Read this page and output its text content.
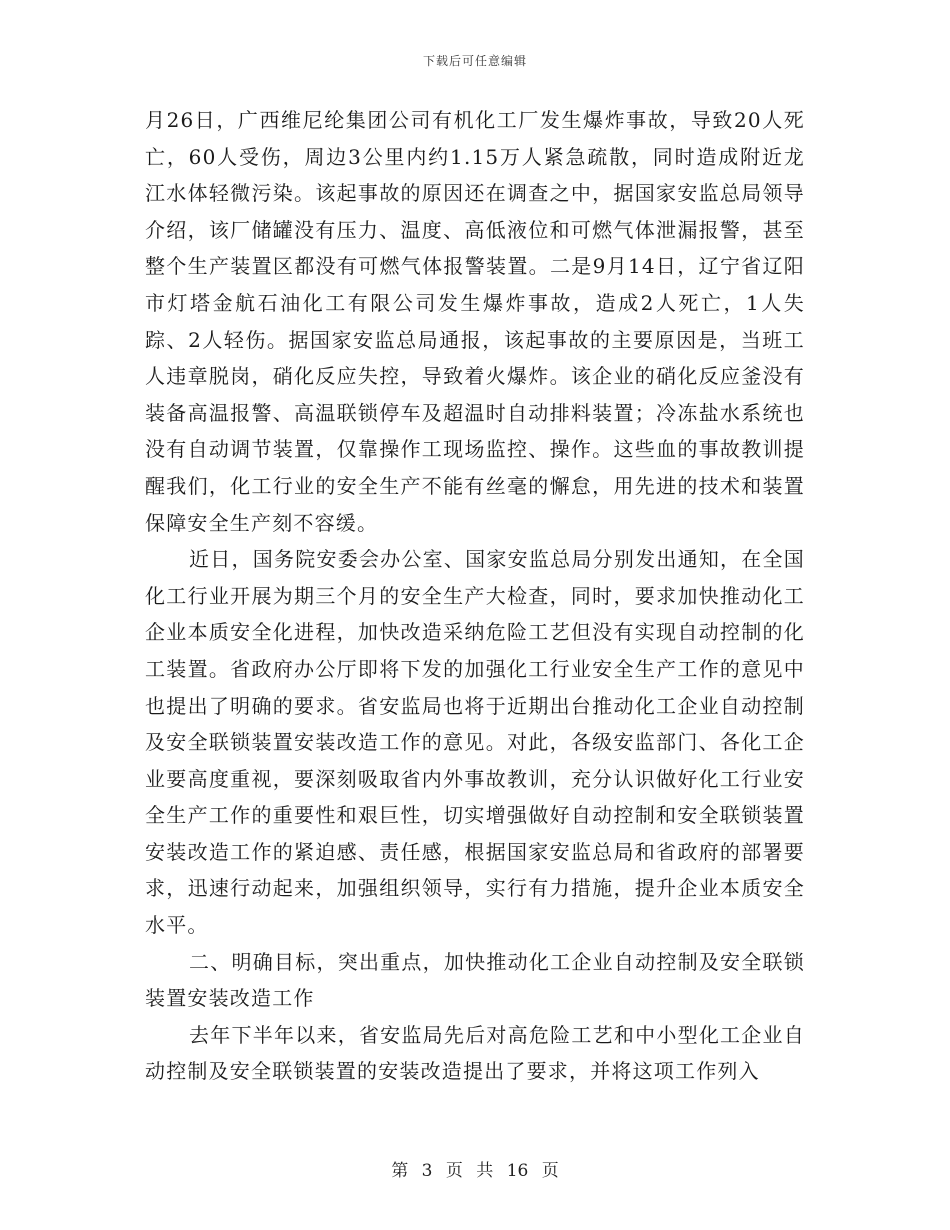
下载后可任意编辑

月26日，广西维尼纶集团公司有机化工厂发生爆炸事故，导致20人死亡，60人受伤，周边3公里内约1.15万人紧急疏散，同时造成附近龙江水体轻微污染。该起事故的原因还在调查之中，据国家安监总局领导介绍，该厂储罐没有压力、温度、高低液位和可燃气体泄漏报警，甚至整个生产装置区都没有可燃气体报警装置。二是9月14日，辽宁省辽阳市灯塔金航石油化工有限公司发生爆炸事故，造成2人死亡，1人失踪、2人轻伤。据国家安监总局通报，该起事故的主要原因是，当班工人违章脱岗，硝化反应失控，导致着火爆炸。该企业的硝化反应釜没有装备高温报警、高温联锁停车及超温时自动排料装置；冷冻盐水系统也没有自动调节装置，仅靠操作工现场监控、操作。这些血的事故教训提醒我们，化工行业的安全生产不能有丝毫的懈怠，用先进的技术和装置保障安全生产刻不容缓。

近日，国务院安委会办公室、国家安监总局分别发出通知，在全国化工行业开展为期三个月的安全生产大检查，同时，要求加快推动化工企业本质安全化进程，加快改造采纳危险工艺但没有实现自动控制的化工装置。省政府办公厅即将下发的加强化工行业安全生产工作的意见中也提出了明确的要求。省安监局也将于近期出台推动化工企业自动控制及安全联锁装置安装改造工作的意见。对此，各级安监部门、各化工企业要高度重视，要深刻吸取省内外事故教训，充分认识做好化工行业安全生产工作的重要性和艰巨性，切实增强做好自动控制和安全联锁装置安装改造工作的紧迫感、责任感，根据国家安监总局和省政府的部署要求，迅速行动起来，加强组织领导，实行有力措施，提升企业本质安全水平。

二、明确目标，突出重点，加快推动化工企业自动控制及安全联锁装置安装改造工作

去年下半年以来，省安监局先后对高危险工艺和中小型化工企业自动控制及安全联锁装置的安装改造提出了要求，并将这项工作列入

第 3 页 共 16 页
